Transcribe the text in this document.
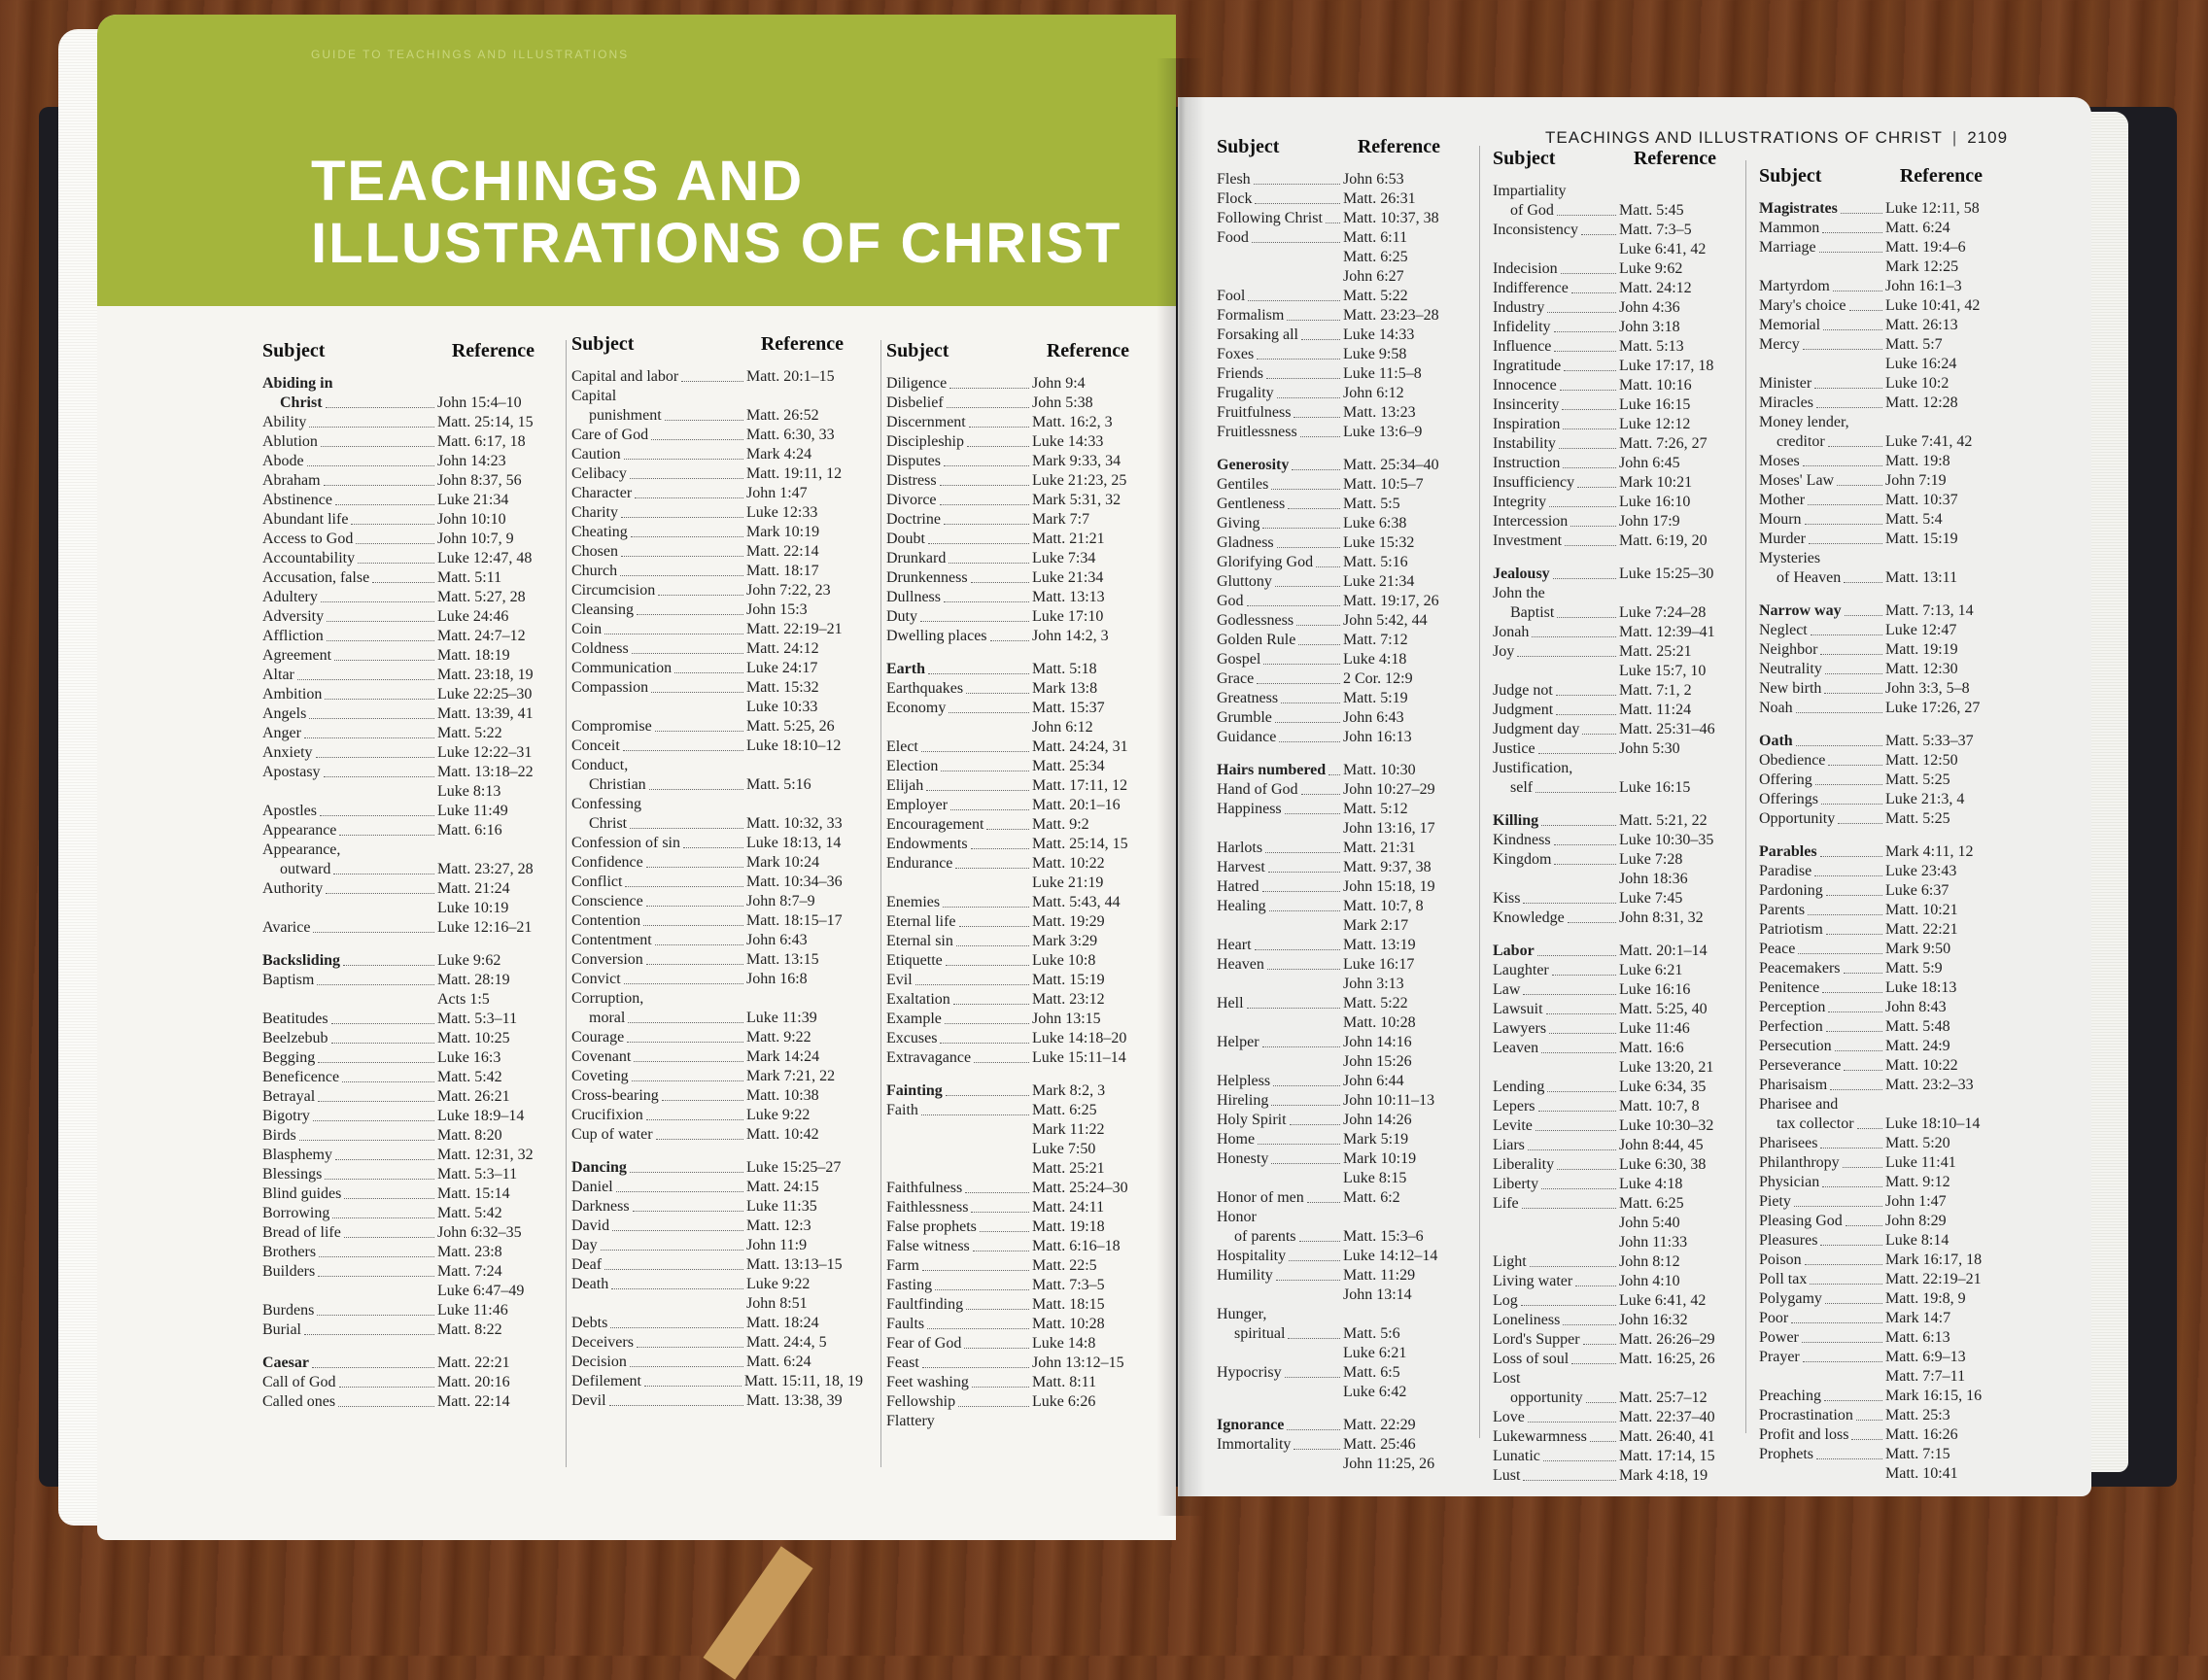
GUIDE TO TEACHINGS AND ILLUSTRATIONS
TEACHINGS AND
ILLUSTRATIONS OF CHRIST
TEACHINGS AND ILLUSTRATIONS OF CHRIST | 2109
Subject	Reference
Abiding in
Christ	John 15:4–10
Ability	Matt. 25:14, 15
Ablution	Matt. 6:17, 18
Abode	John 14:23
Abraham	John 8:37, 56
Abstinence	Luke 21:34
Abundant life	John 10:10
Access to God	John 10:7, 9
Accountability	Luke 12:47, 48
Accusation, false	Matt. 5:11
Adultery	Matt. 5:27, 28
Adversity	Luke 24:46
Affliction	Matt. 24:7–12
Agreement	Matt. 18:19
Altar	Matt. 23:18, 19
Ambition	Luke 22:25–30
Angels	Matt. 13:39, 41
Anger	Matt. 5:22
Anxiety	Luke 12:22–31
Apostasy	Matt. 13:18–22
Luke 8:13
Apostles	Luke 11:49
Appearance	Matt. 6:16
Appearance,
outward	Matt. 23:27, 28
Authority	Matt. 21:24
Luke 10:19
Avarice	Luke 12:16–21
Backsliding	Luke 9:62
Baptism	Matt. 28:19
Acts 1:5
Beatitudes	Matt. 5:3–11
Beelzebub	Matt. 10:25
Begging	Luke 16:3
Beneficence	Matt. 5:42
Betrayal	Matt. 26:21
Bigotry	Luke 18:9–14
Birds	Matt. 8:20
Blasphemy	Matt. 12:31, 32
Blessings	Matt. 5:3–11
Blind guides	Matt. 15:14
Borrowing	Matt. 5:42
Bread of life	John 6:32–35
Brothers	Matt. 23:8
Builders	Matt. 7:24
Luke 6:47–49
Burdens	Luke 11:46
Burial	Matt. 8:22
Caesar	Matt. 22:21
Call of God	Matt. 20:16
Called ones	Matt. 22:14
Subject	Reference
Capital and labor	Matt. 20:1–15
Capital
punishment	Matt. 26:52
Care of God	Matt. 6:30, 33
Caution	Mark 4:24
Celibacy	Matt. 19:11, 12
Character	John 1:47
Charity	Luke 12:33
Cheating	Mark 10:19
Chosen	Matt. 22:14
Church	Matt. 18:17
Circumcision	John 7:22, 23
Cleansing	John 15:3
Coin	Matt. 22:19–21
Coldness	Matt. 24:12
Communication	Luke 24:17
Compassion	Matt. 15:32
Luke 10:33
Compromise	Matt. 5:25, 26
Conceit	Luke 18:10–12
Conduct,
Christian	Matt. 5:16
Confessing
Christ	Matt. 10:32, 33
Confession of sin	Luke 18:13, 14
Confidence	Mark 10:24
Conflict	Matt. 10:34–36
Conscience	John 8:7–9
Contention	Matt. 18:15–17
Contentment	John 6:43
Conversion	Matt. 13:15
Convict	John 16:8
Corruption,
moral	Luke 11:39
Courage	Matt. 9:22
Covenant	Mark 14:24
Coveting	Mark 7:21, 22
Cross-bearing	Matt. 10:38
Crucifixion	Luke 9:22
Cup of water	Matt. 10:42
Dancing	Luke 15:25–27
Daniel	Matt. 24:15
Darkness	Luke 11:35
David	Matt. 12:3
Day	John 11:9
Deaf	Matt. 13:13–15
Death	Luke 9:22
John 8:51
Debts	Matt. 18:24
Deceivers	Matt. 24:4, 5
Decision	Matt. 6:24
Defilement	Matt. 15:11, 18, 19
Devil	Matt. 13:38, 39
Subject	Reference
Diligence	John 9:4
Disbelief	John 5:38
Discernment	Matt. 16:2, 3
Discipleship	Luke 14:33
Disputes	Mark 9:33, 34
Distress	Luke 21:23, 25
Divorce	Mark 5:31, 32
Doctrine	Mark 7:7
Doubt	Matt. 21:21
Drunkard	Luke 7:34
Drunkenness	Luke 21:34
Dullness	Matt. 13:13
Duty	Luke 17:10
Dwelling places	John 14:2, 3
Earth	Matt. 5:18
Earthquakes	Mark 13:8
Economy	Matt. 15:37
John 6:12
Elect	Matt. 24:24, 31
Election	Matt. 25:34
Elijah	Matt. 17:11, 12
Employer	Matt. 20:1–16
Encouragement	Matt. 9:2
Endowments	Matt. 25:14, 15
Endurance	Matt. 10:22
Luke 21:19
Enemies	Matt. 5:43, 44
Eternal life	Matt. 19:29
Eternal sin	Mark 3:29
Etiquette	Luke 10:8
Evil	Matt. 15:19
Exaltation	Matt. 23:12
Example	John 13:15
Excuses	Luke 14:18–20
Extravagance	Luke 15:11–14
Fainting	Mark 8:2, 3
Faith	Matt. 6:25
Mark 11:22
Luke 7:50
Matt. 25:21
Faithfulness	Matt. 25:24–30
Faithlessness	Matt. 24:11
False prophets	Matt. 19:18
False witness	Matt. 6:16–18
Farm	Matt. 22:5
Fasting	Matt. 7:3–5
Faultfinding	Matt. 18:15
Faults	Matt. 10:28
Fear of God	Luke 14:8
Feast	John 13:12–15
Feet washing	Matt. 8:11
Fellowship	Luke 6:26
Flattery
Subject	Reference
Flesh	John 6:53
Flock	Matt. 26:31
Following Christ Matt. 10:37, 38
Food	Matt. 6:11
Matt. 6:25
John 6:27
Fool	Matt. 5:22
Formalism	Matt. 23:23–28
Forsaking all	Luke 14:33
Foxes	Luke 9:58
Friends	Luke 11:5–8
Frugality	John 6:12
Fruitfulness	Matt. 13:23
Fruitlessness	Luke 13:6–9
Generosity	Matt. 25:34–40
Gentiles	Matt. 10:5–7
Gentleness	Matt. 5:5
Giving	Luke 6:38
Gladness	Luke 15:32
Glorifying God Matt. 5:16
Gluttony	Luke 21:34
God	Matt. 19:17, 26
Godlessness	John 5:42, 44
Golden Rule	Matt. 7:12
Gospel	Luke 4:18
Grace	2 Cor. 12:9
Greatness	Matt. 5:19
Grumble	John 6:43
Guidance	John 16:13
Hairs numbered Matt. 10:30
Hand of God	John 10:27–29
Happiness	Matt. 5:12
John 13:16, 17
Harlots	Matt. 21:31
Harvest	Matt. 9:37, 38
Hatred	John 15:18, 19
Healing	Matt. 10:7, 8
Mark 2:17
Heart	Matt. 13:19
Heaven	Luke 16:17
John 3:13
Hell	Matt. 5:22
Matt. 10:28
Helper	John 14:16
John 15:26
Helpless	John 6:44
Hireling	John 10:11–13
Holy Spirit	John 14:26
Home	Mark 5:19
Honesty	Mark 10:19
Luke 8:15
Honor of men	Matt. 6:2
Honor
of parents	Matt. 15:3–6
Hospitality	Luke 14:12–14
Humility	Matt. 11:29
John 13:14
Hunger,
spiritual	Matt. 5:6
Luke 6:21
Hypocrisy	Matt. 6:5
Luke 6:42
Ignorance	Matt. 22:29
Immortality	Matt. 25:46
John 11:25, 26
Subject	Reference
Impartiality
of God	Matt. 5:45
Inconsistency	Matt. 7:3–5
Luke 6:41, 42
Indecision	Luke 9:62
Indifference	Matt. 24:12
Industry	John 4:36
Infidelity	John 3:18
Influence	Matt. 5:13
Ingratitude	Luke 17:17, 18
Innocence	Matt. 10:16
Insincerity	Luke 16:15
Inspiration	Luke 12:12
Instability	Matt. 7:26, 27
Instruction	John 6:45
Insufficiency	Mark 10:21
Integrity	Luke 16:10
Intercession	John 17:9
Investment	Matt. 6:19, 20
Jealousy	Luke 15:25–30
John the
Baptist	Luke 7:24–28
Jonah	Matt. 12:39–41
Joy	Matt. 25:21
Luke 15:7, 10
Judge not	Matt. 7:1, 2
Judgment	Matt. 11:24
Judgment day	Matt. 25:31–46
Justice	John 5:30
Justification,
self	Luke 16:15
Killing	Matt. 5:21, 22
Kindness	Luke 10:30–35
Kingdom	Luke 7:28
John 18:36
Kiss	Luke 7:45
Knowledge	John 8:31, 32
Labor	Matt. 20:1–14
Laughter	Luke 6:21
Law	Luke 16:16
Lawsuit	Matt. 5:25, 40
Lawyers	Luke 11:46
Leaven	Matt. 16:6
Luke 13:20, 21
Lending	Luke 6:34, 35
Lepers	Matt. 10:7, 8
Levite	Luke 10:30–32
Liars	John 8:44, 45
Liberality	Luke 6:30, 38
Liberty	Luke 4:18
Life	Matt. 6:25
John 5:40
John 11:33
Light	John 8:12
Living water	John 4:10
Log	Luke 6:41, 42
Loneliness	John 16:32
Lord's Supper	Matt. 26:26–29
Loss of soul	Matt. 16:25, 26
Lost
opportunity Matt. 25:7–12
Love	Matt. 22:37–40
Lukewarmness Matt. 26:40, 41
Lunatic	Matt. 17:14, 15
Lust	Mark 4:18, 19
Subject	Reference
Magistrates	Luke 12:11, 58
Mammon	Matt. 6:24
Marriage	Matt. 19:4–6
Mark 12:25
Martyrdom	John 16:1–3
Mary's choice	Luke 10:41, 42
Memorial	Matt. 26:13
Mercy	Matt. 5:7
Luke 16:24
Minister	Luke 10:2
Miracles	Matt. 12:28
Money lender,
creditor	Luke 7:41, 42
Moses	Matt. 19:8
Moses' Law	John 7:19
Mother	Matt. 10:37
Mourn	Matt. 5:4
Murder	Matt. 15:19
Mysteries
of Heaven	Matt. 13:11
Narrow way	Matt. 7:13, 14
Neglect	Luke 12:47
Neighbor	Matt. 19:19
Neutrality	Matt. 12:30
New birth	John 3:3, 5–8
Noah	Luke 17:26, 27
Oath	Matt. 5:33–37
Obedience	Matt. 12:50
Offering	Matt. 5:25
Offerings	Luke 21:3, 4
Opportunity	Matt. 5:25
Parables	Mark 4:11, 12
Paradise	Luke 23:43
Pardoning	Luke 6:37
Parents	Matt. 10:21
Patriotism	Matt. 22:21
Peace	Mark 9:50
Peacemakers	Matt. 5:9
Penitence	Luke 18:13
Perception	John 8:43
Perfection	Matt. 5:48
Persecution	Matt. 24:9
Perseverance	Matt. 10:22
Pharisaism	Matt. 23:2–33
Pharisee and
tax collector Luke 18:10–14
Pharisees	Matt. 5:20
Philanthropy	Luke 11:41
Physician	Matt. 9:12
Piety	John 1:47
Pleasing God	John 8:29
Pleasures	Luke 8:14
Poison	Mark 16:17, 18
Poll tax	Matt. 22:19–21
Polygamy	Matt. 19:8, 9
Poor	Mark 14:7
Power	Matt. 6:13
Prayer	Matt. 6:9–13
Matt. 7:7–11
Preaching	Mark 16:15, 16
Procrastination Matt. 25:3
Profit and loss Matt. 16:26
Prophets	Matt. 7:15
Matt. 10:41
